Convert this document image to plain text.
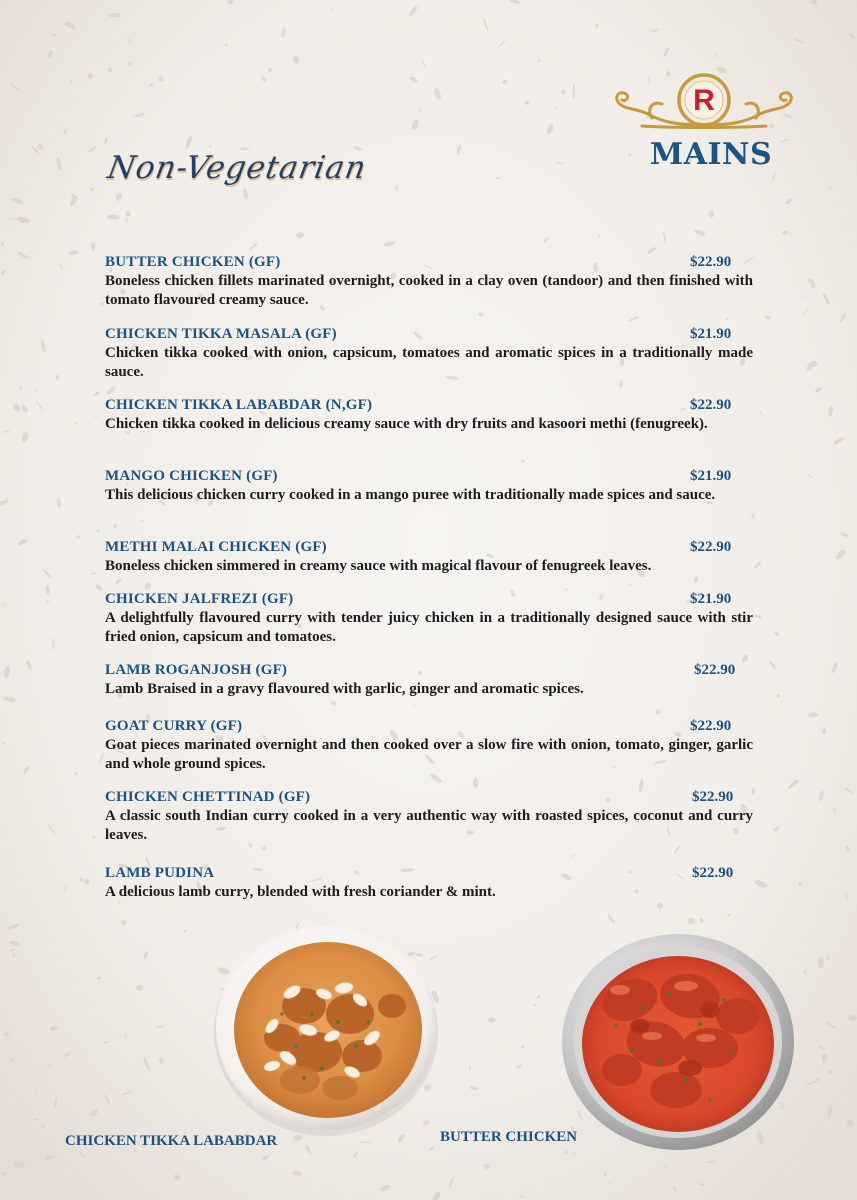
Non-Vegetarian
R
MAINS
BUTTER CHICKEN (GF)	$22.90
Boneless chicken fillets marinated overnight, cooked in a clay oven (tandoor) and then finished with tomato flavoured creamy sauce.
CHICKEN TIKKA MASALA (GF)	$21.90
Chicken tikka cooked with onion, capsicum, tomatoes and aromatic spices in a traditionally made sauce.
CHICKEN TIKKA LABABDAR (N,GF)	$22.90
Chicken tikka cooked in delicious creamy sauce with dry fruits and kasoori methi (fenugreek).
MANGO CHICKEN (GF)	$21.90
This delicious chicken curry cooked in a mango puree with traditionally made spices and sauce.
METHI MALAI CHICKEN (GF)	$22.90
Boneless chicken simmered in creamy sauce with magical flavour of fenugreek leaves.
CHICKEN JALFREZI (GF)	$21.90
A delightfully flavoured curry with tender juicy chicken in a traditionally designed sauce with stir fried onion, capsicum and tomatoes.
LAMB ROGANJOSH (GF)	$22.90
Lamb Braised in a gravy flavoured with garlic, ginger and aromatic spices.
GOAT CURRY (GF)	$22.90
Goat pieces marinated overnight and then cooked over a slow fire with onion, tomato, ginger, garlic and whole ground spices.
CHICKEN CHETTINAD (GF)	$22.90
A classic south Indian curry cooked in a very authentic way with roasted spices, coconut and curry leaves.
LAMB PUDINA	$22.90
A delicious lamb curry, blended with fresh coriander & mint.
CHICKEN TIKKA LABABDAR	BUTTER CHICKEN
